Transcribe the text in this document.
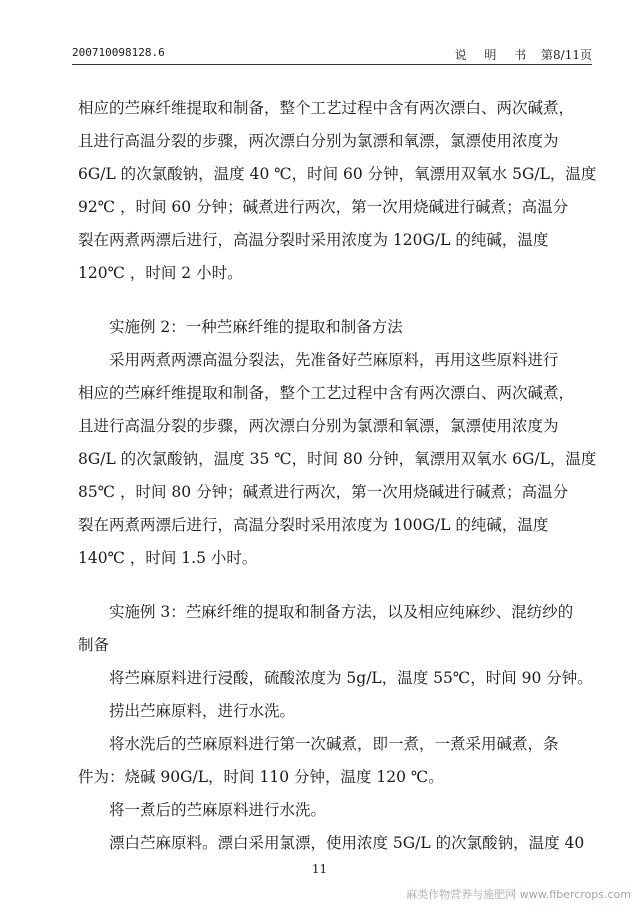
200710098128.6	说 明 书 第8/11页
相应的苎麻纤维提取和制备，整个工艺过程中含有两次漂白、两次碱煮，
且进行高温分裂的步骤，两次漂白分别为氯漂和氧漂，氯漂使用浓度为
6G/L 的次氯酸钠，温度 40 ℃，时间 60 分钟，氧漂用双氧水 5G/L，温度
92℃ ，时间 60 分钟；碱煮进行两次，第一次用烧碱进行碱煮；高温分
裂在两煮两漂后进行，高温分裂时采用浓度为 120G/L 的纯碱，温度
120℃ ，时间 2 小时。
实施例 2：一种苎麻纤维的提取和制备方法
采用两煮两漂高温分裂法，先准备好苎麻原料，再用这些原料进行
相应的苎麻纤维提取和制备，整个工艺过程中含有两次漂白、两次碱煮，
且进行高温分裂的步骤，两次漂白分别为氯漂和氧漂，氯漂使用浓度为
8G/L 的次氯酸钠，温度 35 ℃，时间 80 分钟，氧漂用双氧水 6G/L，温度
85℃ ，时间 80 分钟；碱煮进行两次，第一次用烧碱进行碱煮；高温分
裂在两煮两漂后进行，高温分裂时采用浓度为 100G/L 的纯碱，温度
140℃ ，时间 1.5 小时。
实施例 3：苎麻纤维的提取和制备方法，以及相应纯麻纱、混纺纱的
制备
将苎麻原料进行浸酸，硫酸浓度为 5g/L，温度 55℃，时间 90 分钟。
捞出苎麻原料，进行水洗。
将水洗后的苎麻原料进行第一次碱煮，即一煮，一煮采用碱煮，条
件为：烧碱 90G/L，时间 110 分钟，温度 120 ℃。
将一煮后的苎麻原料进行水洗。
漂白苎麻原料。漂白采用氯漂，使用浓度 5G/L 的次氯酸钠，温度 40
11
麻类作物营养与施肥网 www.fibercrops.com
